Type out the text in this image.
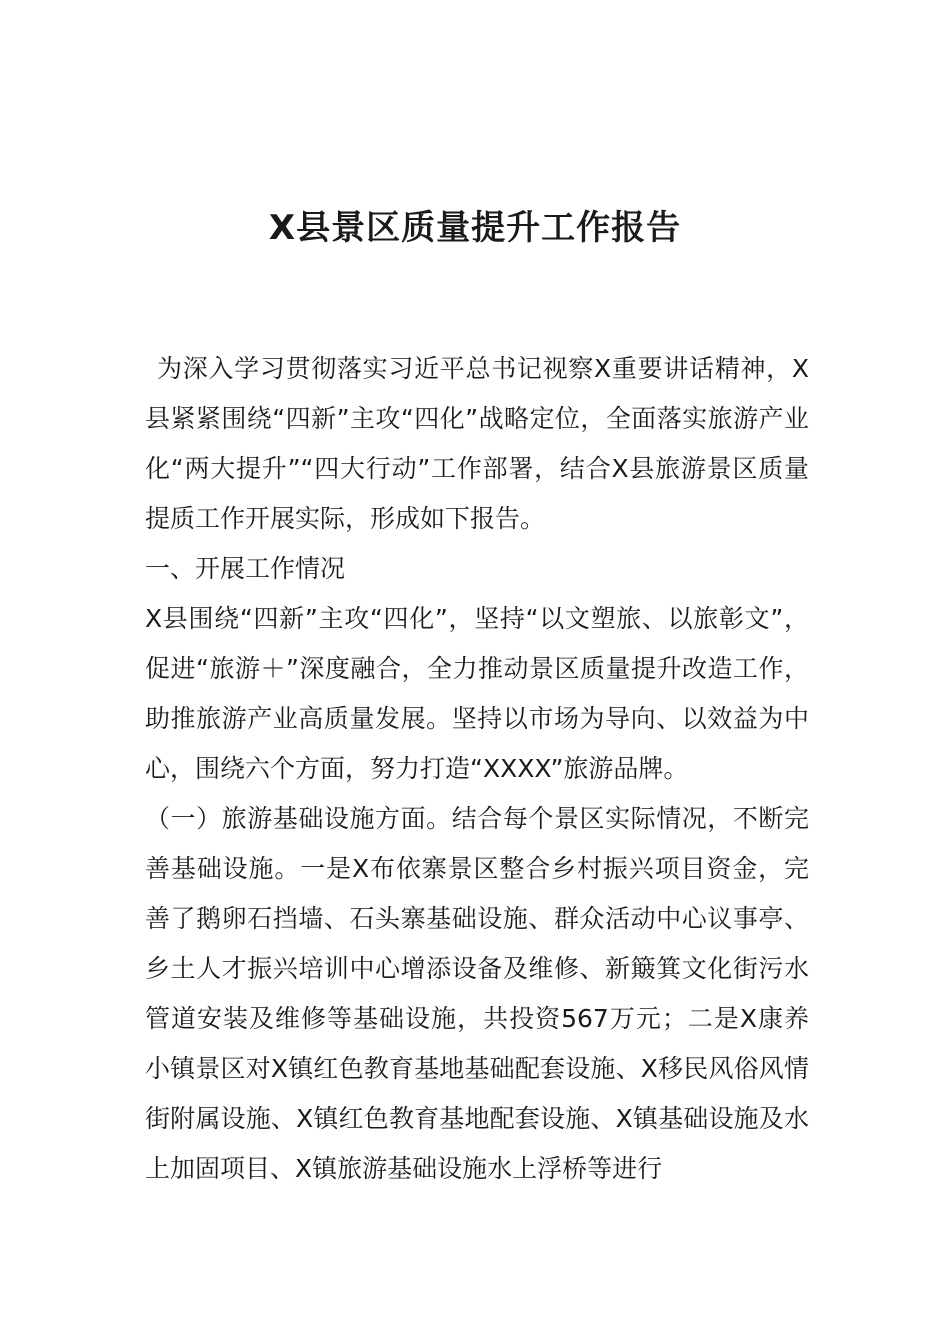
X县景区质量提升工作报告

为深入学习贯彻落实习近平总书记视察X重要讲话精神，X县紧紧围绕“四新”主攻“四化”战略定位，全面落实旅游产业化“两大提升”“四大行动”工作部署，结合X县旅游景区质量提质工作开展实际，形成如下报告。

一、开展工作情况

X县围绕“四新”主攻“四化”，坚持“以文塑旅、以旅彰文”，促进“旅游＋”深度融合，全力推动景区质量提升改造工作，助推旅游产业高质量发展。坚持以市场为导向、以效益为中心，围绕六个方面，努力打造“XXXX”旅游品牌。

（一）旅游基础设施方面。结合每个景区实际情况，不断完善基础设施。一是X布依寨景区整合乡村振兴项目资金，完善了鹅卵石挡墙、石头寨基础设施、群众活动中心议事亭、乡土人才振兴培训中心增添设备及维修、新簸箕文化街污水管道安装及维修等基础设施，共投资567万元；二是X康养小镇景区对X镇红色教育基地基础配套设施、X移民风俗风情街附属设施、X镇红色教育基地配套设施、X镇基础设施及水上加固项目、X镇旅游基础设施水上浮桥等进行
